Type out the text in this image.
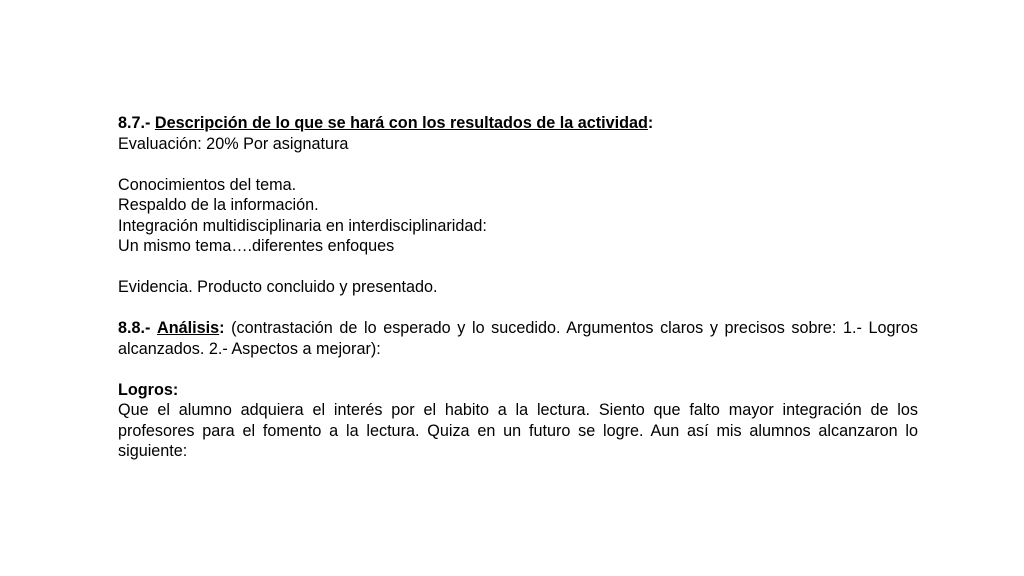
8.7.- Descripción de lo que se hará con los resultados de la actividad:
Evaluación: 20% Por asignatura
Conocimientos del tema.
Respaldo de la información.
Integración multidisciplinaria en interdisciplinaridad:
Un mismo tema….diferentes enfoques
Evidencia. Producto concluido y presentado.
8.8.- Análisis: (contrastación de lo esperado y lo sucedido. Argumentos claros y precisos sobre: 1.- Logros alcanzados. 2.- Aspectos a mejorar):
Logros:
Que el alumno adquiera el interés por el habito a la lectura. Siento que falto mayor integración de los profesores para el fomento a la lectura. Quiza en un futuro se logre. Aun así mis alumnos alcanzaron lo siguiente:
